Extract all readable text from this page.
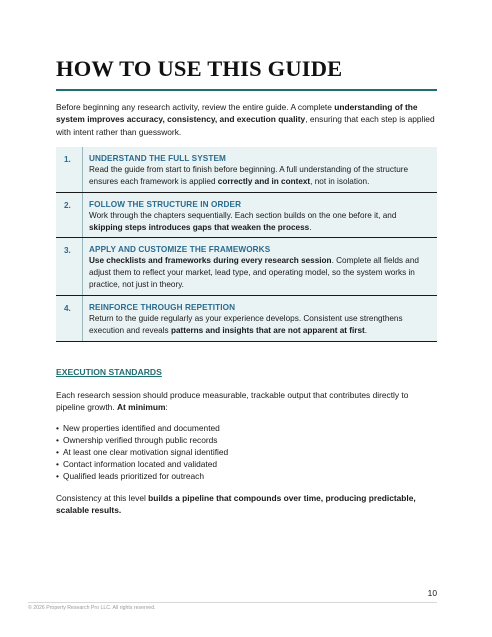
HOW TO USE THIS GUIDE

Before beginning any research activity, review the entire guide. A complete understanding of the system improves accuracy, consistency, and execution quality, ensuring that each step is applied with intent rather than guesswork.

1.	UNDERSTAND THE FULL SYSTEM
Read the guide from start to finish before beginning. A full understanding of the structure ensures each framework is applied correctly and in context, not in isolation.
2.	FOLLOW THE STRUCTURE IN ORDER
Work through the chapters sequentially. Each section builds on the one before it, and skipping steps introduces gaps that weaken the process.
3.	APPLY AND CUSTOMIZE THE FRAMEWORKS
Use checklists and frameworks during every research session. Complete all fields and adjust them to reflect your market, lead type, and operating model, so the system works in practice, not just in theory.
4.	REINFORCE THROUGH REPETITION
Return to the guide regularly as your experience develops. Consistent use strengthens execution and reveals patterns and insights that are not apparent at first.
EXECUTION STANDARDS

Each research session should produce measurable, trackable output that contributes directly to pipeline growth. At minimum:

• New properties identified and documented
• Ownership verified through public records
• At least one clear motivation signal identified
• Contact information located and validated
• Qualified leads prioritized for outreach

Consistency at this level builds a pipeline that compounds over time, producing predictable, scalable results.

10
© 2026 Property Research Pro LLC. All rights reserved.
